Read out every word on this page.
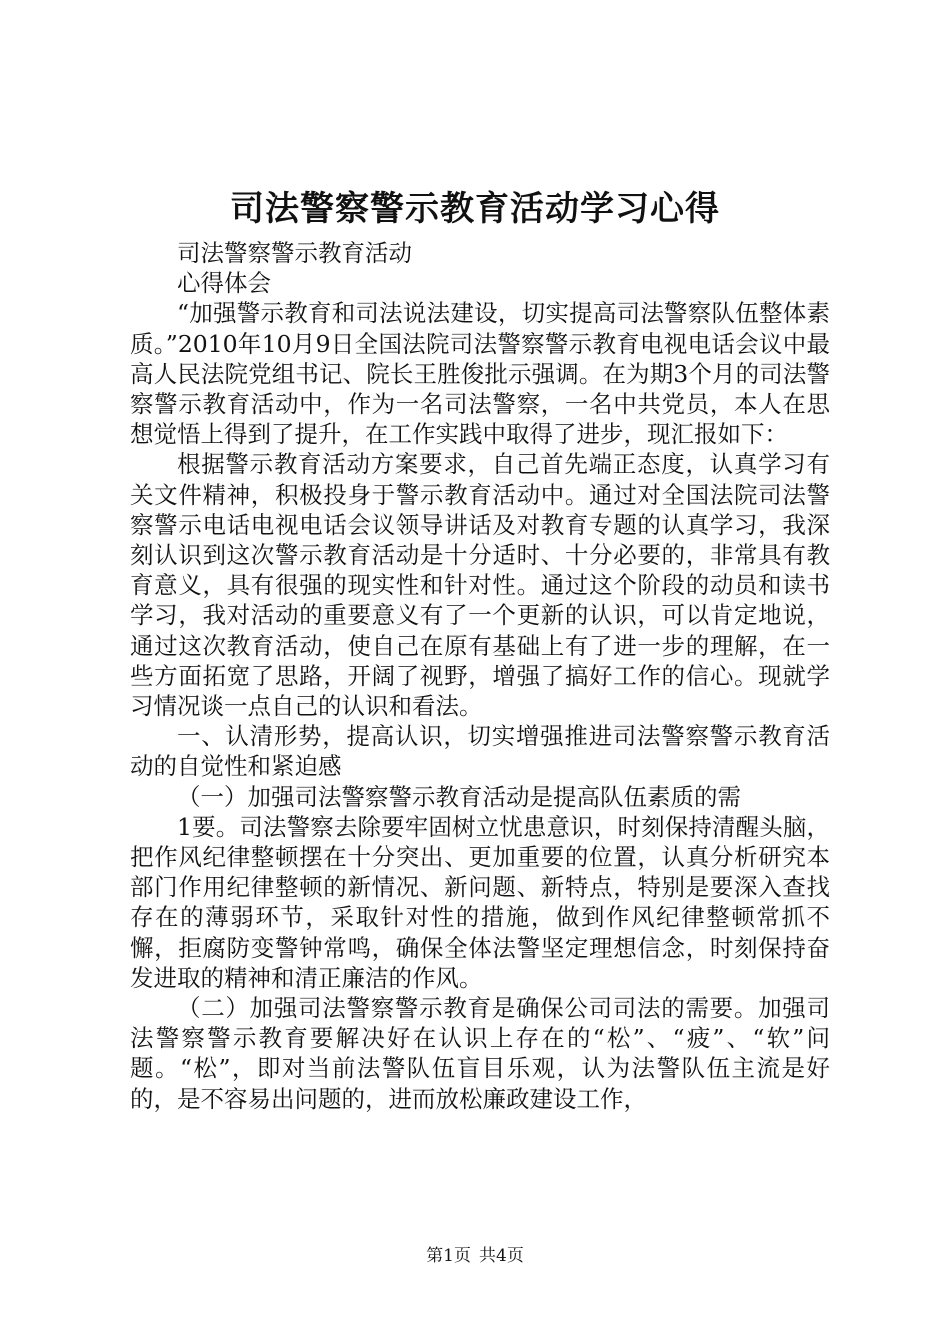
司法警察警示教育活动学习心得

司法警察警示教育活动

心得体会

“加强警示教育和司法说法建设，切实提高司法警察队伍整体素质。”2010年10月9日全国法院司法警察警示教育电视电话会议中最高人民法院党组书记、院长王胜俊批示强调。在为期3个月的司法警察警示教育活动中，作为一名司法警察，一名中共党员，本人在思想觉悟上得到了提升，在工作实践中取得了进步，现汇报如下：

根据警示教育活动方案要求，自己首先端正态度，认真学习有关文件精神，积极投身于警示教育活动中。通过对全国法院司法警察警示电话电视电话会议领导讲话及对教育专题的认真学习，我深刻认识到这次警示教育活动是十分适时、十分必要的，非常具有教育意义，具有很强的现实性和针对性。通过这个阶段的动员和读书学习，我对活动的重要意义有了一个更新的认识，可以肯定地说，通过这次教育活动，使自己在原有基础上有了进一步的理解，在一些方面拓宽了思路，开阔了视野，增强了搞好工作的信心。现就学习情况谈一点自己的认识和看法。

一、认清形势，提高认识，切实增强推进司法警察警示教育活动的自觉性和紧迫感

（一）加强司法警察警示教育活动是提高队伍素质的需

1要。司法警察去除要牢固树立忧患意识，时刻保持清醒头脑，把作风纪律整顿摆在十分突出、更加重要的位置，认真分析研究本部门作用纪律整顿的新情况、新问题、新特点，特别是要深入查找存在的薄弱环节，采取针对性的措施，做到作风纪律整顿常抓不懈，拒腐防变警钟常鸣，确保全体法警坚定理想信念，时刻保持奋发进取的精神和清正廉洁的作风。

（二）加强司法警察警示教育是确保公司司法的需要。加强司法警察警示教育要解决好在认识上存在的“松”、“疲”、“软”问题。“松”，即对当前法警队伍盲目乐观，认为法警队伍主流是好的，是不容易出问题的，进而放松廉政建设工作，

第1页 共4页
